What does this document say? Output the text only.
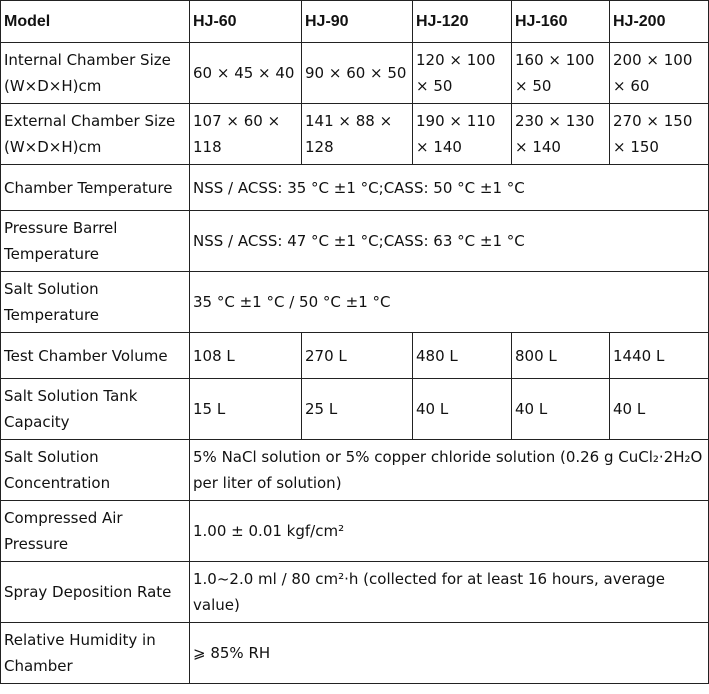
Model	HJ-60	HJ-90	HJ-120	HJ-160	HJ-200
Internal Chamber Size (W×D×H)cm	60 × 45 × 40	90 × 60 × 50	120 × 100 × 50	160 × 100 × 50	200 × 100 × 60
External Chamber Size (W×D×H)cm	107 × 60 × 118	141 × 88 × 128	190 × 110 × 140	230 × 130 × 140	270 × 150 × 150
Chamber Temperature	NSS / ACSS: 35 °C ±1 °C;CASS: 50 °C ±1 °C				
Pressure Barrel Temperature	NSS / ACSS: 47 °C ±1 °C;CASS: 63 °C ±1 °C				
Salt Solution Temperature	35 °C ±1 °C / 50 °C ±1 °C				
Test Chamber Volume	108 L	270 L	480 L	800 L	1440 L
Salt Solution Tank Capacity	15 L	25 L	40 L	40 L	40 L
Salt Solution Concentration	5% NaCl solution or 5% copper chloride solution (0.26 g CuCl₂·2H₂O per liter of solution)				
Compressed Air Pressure	1.00 ± 0.01 kgf/cm²				
Spray Deposition Rate	1.0~2.0 ml / 80 cm²·h (collected for at least 16 hours, average value)				
Relative Humidity in Chamber	⩾ 85% RH				
